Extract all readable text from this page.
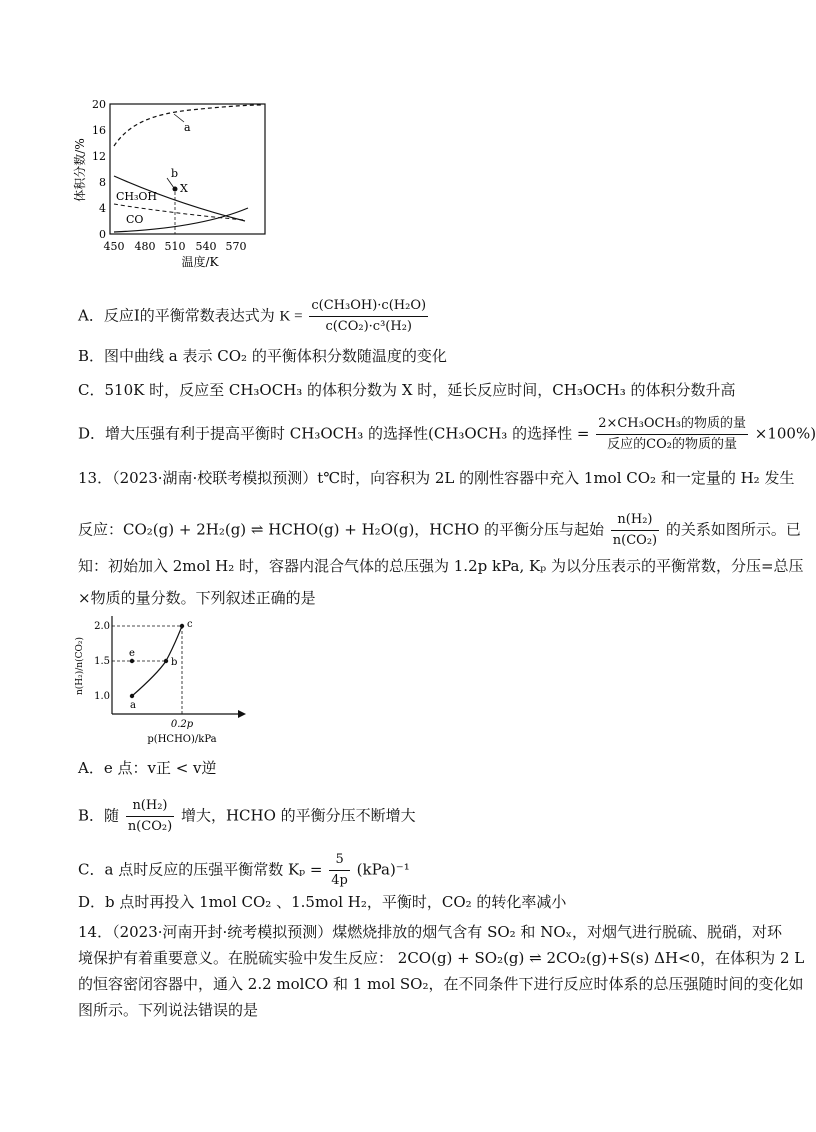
20
16
12
8
4
0
450 480 510 540 570
温度/K
体积分数/%
a
b
CH₃OH
CO
X
A．反应Ⅰ的平衡常数表达式为 $K = \frac{\text{c(CH₃OH)·c(H₂O)}}{\text{c(CO₂)·c³(H₂)}}$
B．图中曲线 a 表示 CO₂ 的平衡体积分数随温度的变化
C．510K 时，反应至 CH₃OCH₃ 的体积分数为 X 时，延长反应时间，CH₃OCH₃ 的体积分数升高
D．增大压强有利于提高平衡时 CH₃OCH₃ 的选择性(CH₃OCH₃ 的选择性 = $\frac{\text{2×CH₃OCH₃的物质的量}}{\text{反应的CO₂的物质的量}} \times 100\%$)
13．（2023·湖南·校联考模拟预测）t℃时，向容积为 2L 的刚性容器中充入 1mol CO₂ 和一定量的 H₂ 发生
反应：CO₂(g) + 2H₂(g) ⇌ HCHO(g) + H₂O(g)，HCHO 的平衡分压与起始 $\frac{\text{n(H₂)}}{\text{n(CO₂)}}$ 的关系如图所示。已
知：初始加入 2mol H₂ 时，容器内混合气体的总压强为 1.2p kPa, Kₚ 为以分压表示的平衡常数，分压=总压
×物质的量分数。下列叙述正确的是
2.0
1.5
1.0
n(H₂)/n(CO₂)
a
b
c
e
0.2p
p(HCHO)/kPa
A．e 点：v正 < v逆
B．随 $\frac{\text{n(H₂)}}{\text{n(CO₂)}}$ 增大，HCHO 的平衡分压不断增大
C．a 点时反应的压强平衡常数 $K_p = \frac{5}{4p} (kPa)^{-1}$
D．b 点时再投入 1mol CO₂ 、1.5mol H₂，平衡时，CO₂ 的转化率减小
14．（2023·河南开封·统考模拟预测）煤燃烧排放的烟气含有 SO₂ 和 NOₓ，对烟气进行脱硫、脱硝，对环
境保护有着重要意义。在脱硫实验中发生反应： 2CO(g) + SO₂(g) ⇌ 2CO₂(g)+S(s) ΔH<0，在体积为 2 L
的恒容密闭容器中，通入 2.2 molCO 和 1 mol SO₂，在不同条件下进行反应时体系的总压强随时间的变化如
图所示。下列说法错误的是
